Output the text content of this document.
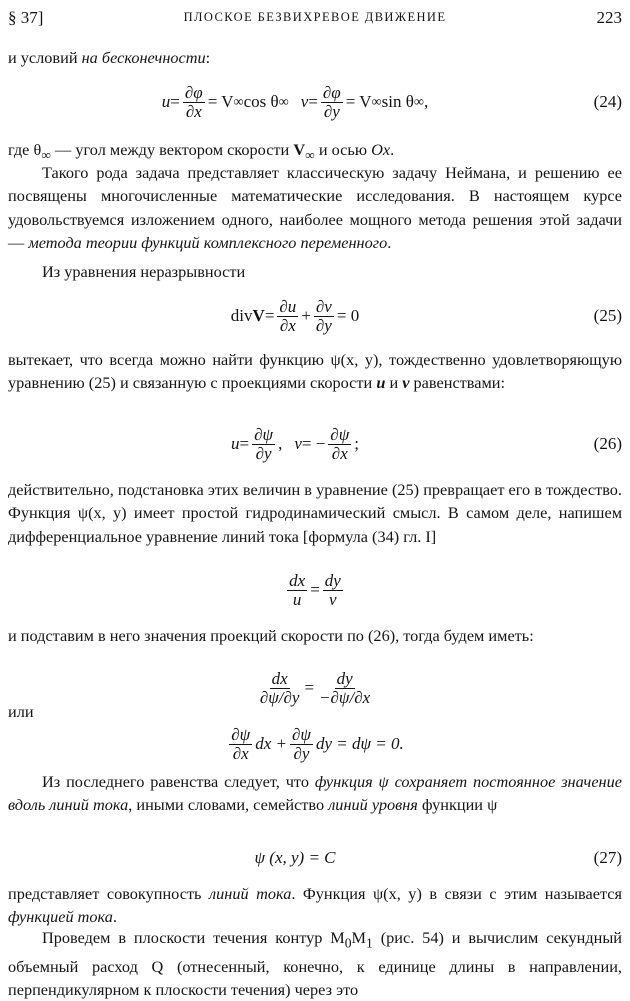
§ 37]	ПЛОСКОЕ БЕЗВИХРЕВОЕ ДВИЖЕНИЕ	223
и условий на бесконечности:
$u = \frac{\partial\varphi}{\partial x} = V$ ∞ cos θ ∞ $v = \frac{\partial\varphi}{\partial y} = V$ ∞ sin θ ∞ ,	(24)
где $\theta_\infty$ — угол между вектором скорости $V_\infty$ и осью Ox.
Такого рода задача представляет классическую задачу Неймана, и решению ее посвящены многочисленные математические исследования. В настоящем курсе удовольствуемся изложением одного, наиболее мощного метода решения этой задачи — метода теории функций комплексного переменного.
Из уравнения неразрывности
div $V = \frac{\partial u}{\partial x} + \frac{\partial v}{\partial y} = 0$	(25)
вытекает, что всегда можно найти функцию ψ(x, y), тождественно удовлетворяющую уравнению (25) и связанную с проекциями скорости u и v равенствами:
$u = \frac{\partial\psi}{\partial y}$ , v = − $\frac{\partial\psi}{\partial x}$ ;	(26)
действительно, подстановка этих величин в уравнение (25) превращает его в тождество. Функция ψ(x, y) имеет простой гидродинамический смысл. В самом деле, напишем дифференциальное уравнение линий тока [формула (34) гл. I]
$\frac{dx}{u} = \frac{dy}{v}$
и подставим в него значения проекций скорости по (26), тогда будем иметь:
$\frac{dx}{\partial\psi/\partial y} = \frac{dy}{-\partial\psi/\partial x}$
или
$\frac{\partial\psi}{\partial x}$ dx + $\frac{\partial\psi}{\partial y}$ dy = dψ = 0.
Из последнего равенства следует, что функция ψ сохраняет постоянное значение вдоль линий тока, иными словами, семейство линий уровня функции ψ
ψ (x, y) = C	(27)
представляет совокупность линий тока. Функция ψ(x, y) в связи с этим называется функцией тока.
Проведем в плоскости течения контур $M_0M_1$ (рис. 54) и вычислим секундный объемный расход Q (отнесенный, конечно, к единице длины в направлении, перпендикулярном к плоскости течения) через это
